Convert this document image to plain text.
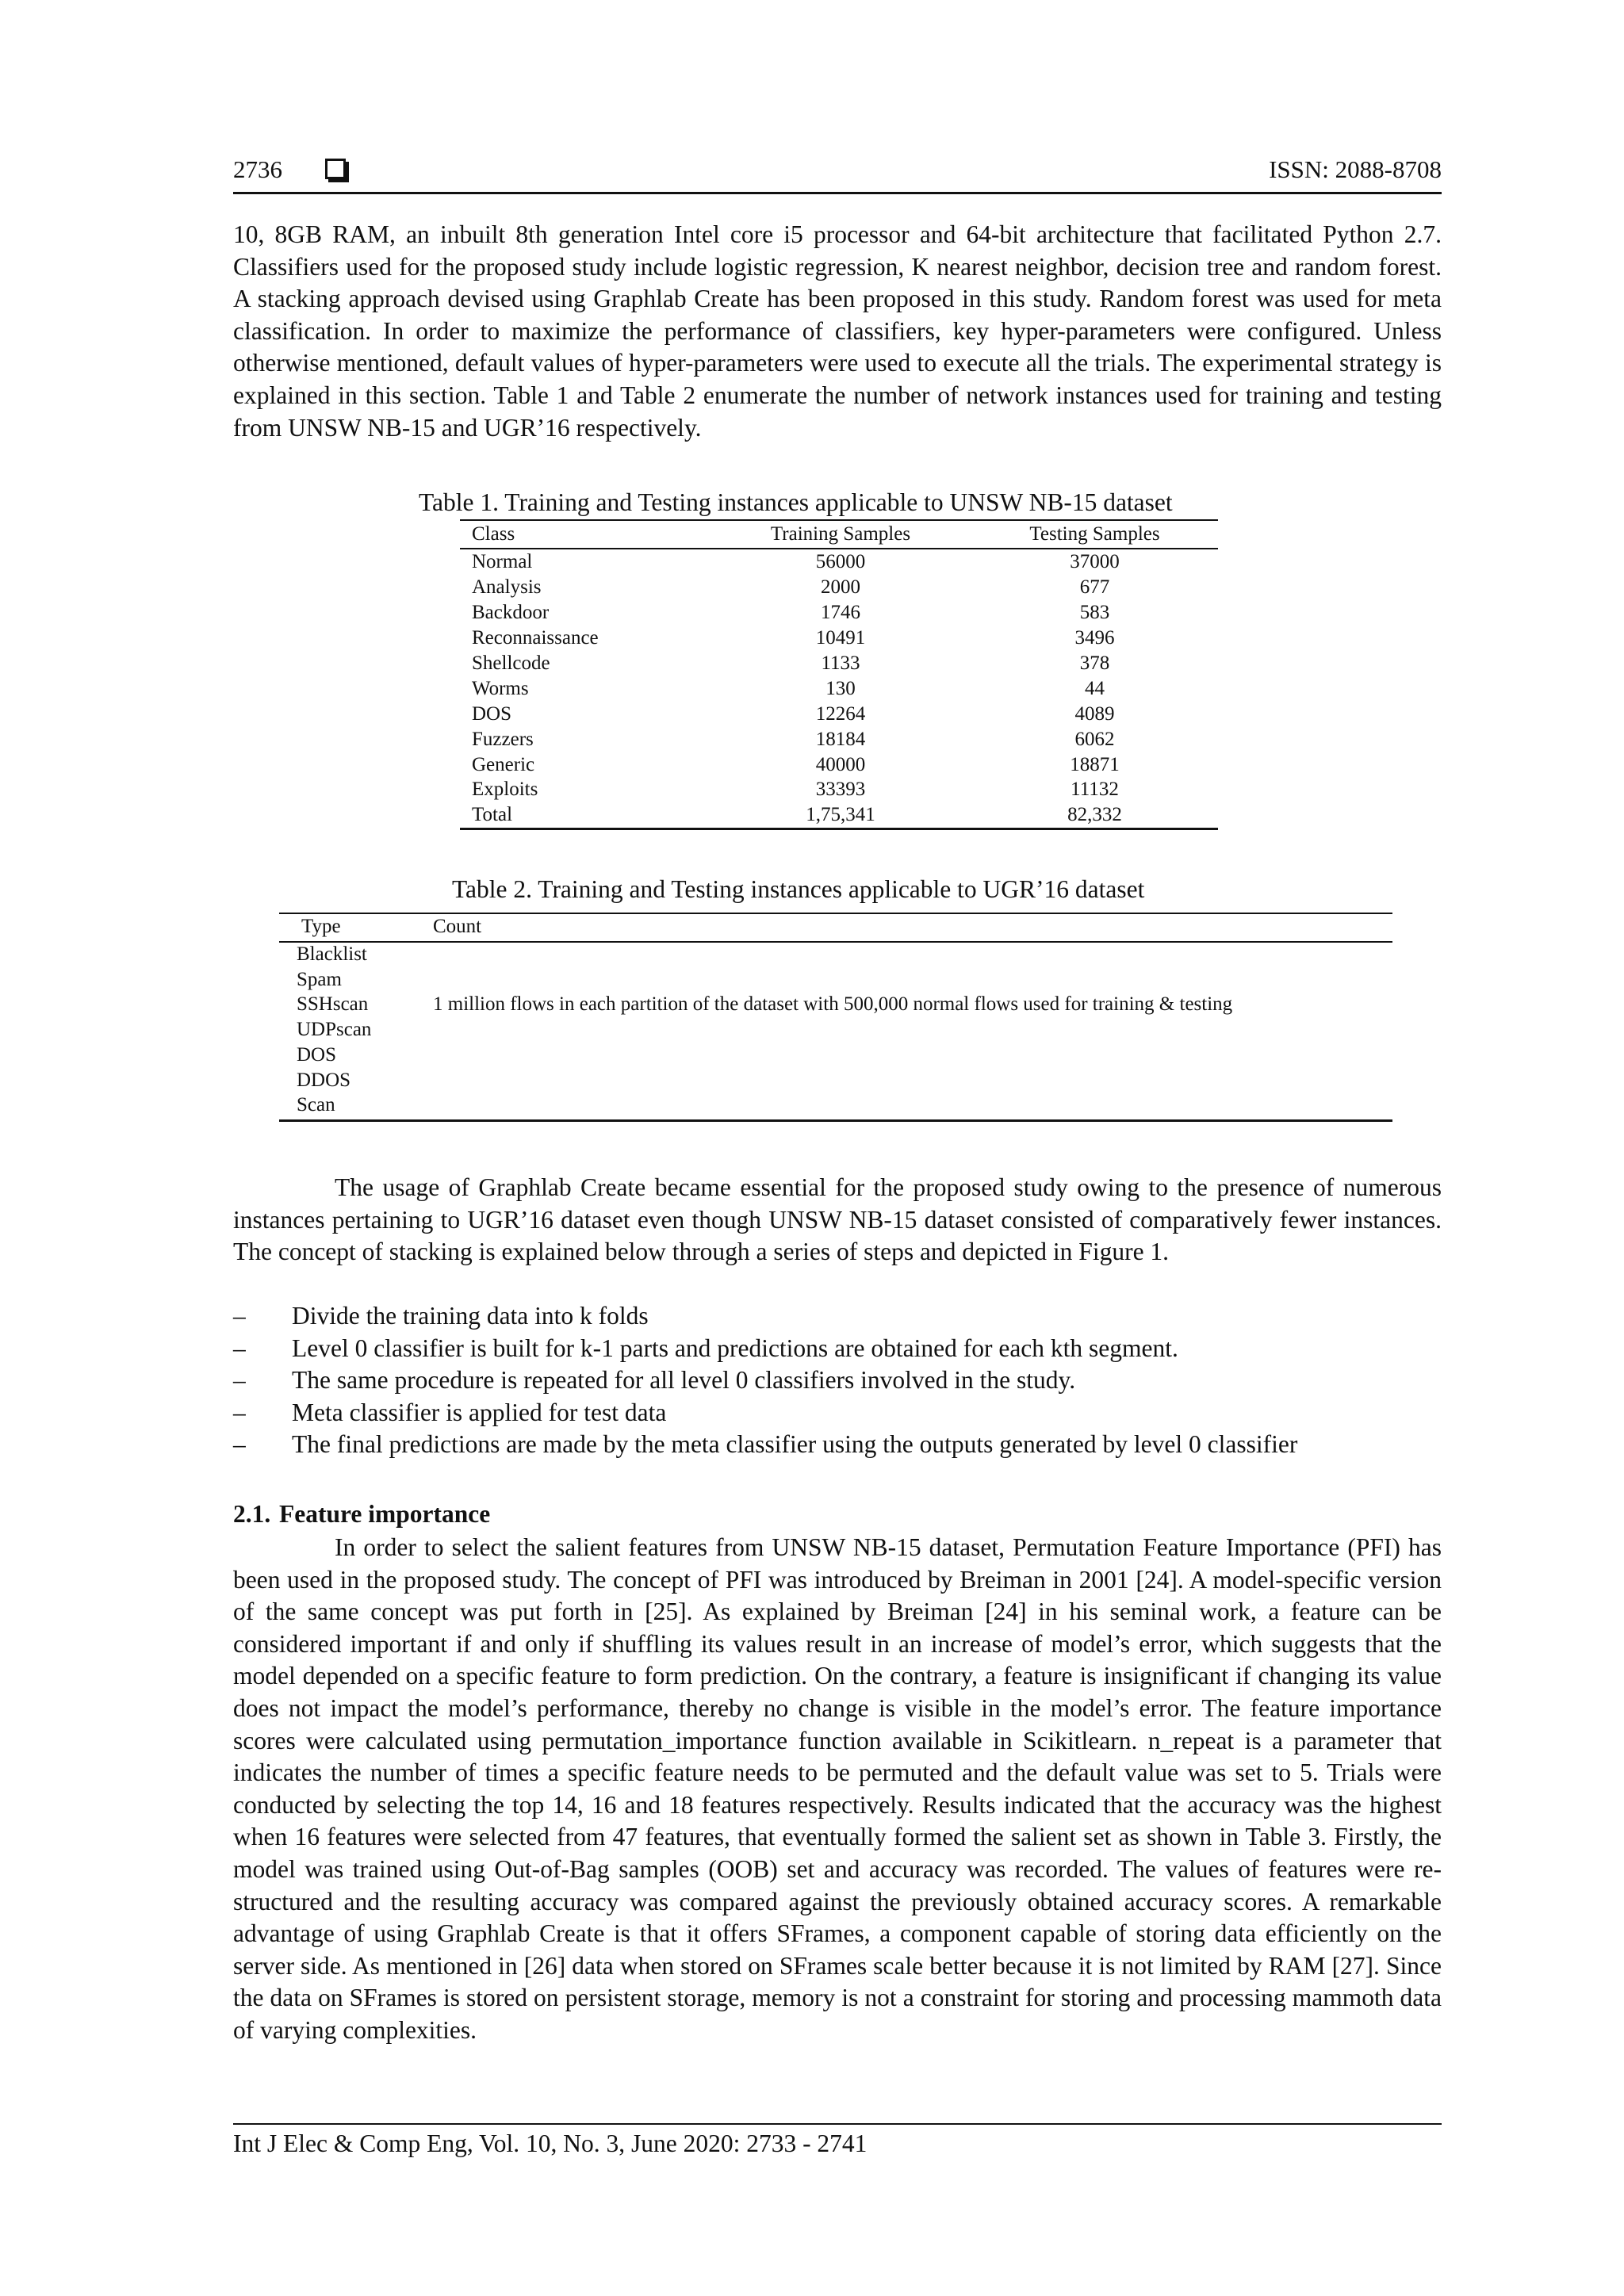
2736	ISSN: 2088-8708

10, 8GB RAM, an inbuilt 8th generation Intel core i5 processor and 64-bit architecture that facilitated Python 2.7. Classifiers used for the proposed study include logistic regression, K nearest neighbor, decision tree and random forest. A stacking approach devised using Graphlab Create has been proposed in this study. Random forest was used for meta classification. In order to maximize the performance of classifiers, key hyper-parameters were configured. Unless otherwise mentioned, default values of hyper-parameters were used to execute all the trials. The experimental strategy is explained in this section. Table 1 and Table 2 enumerate the number of network instances used for training and testing from UNSW NB-15 and UGR’16 respectively.

Table 1. Training and Testing instances applicable to UNSW NB-15 dataset
Class	Training Samples	Testing Samples
Normal	56000	37000
Analysis	2000	677
Backdoor	1746	583
Reconnaissance	10491	3496
Shellcode	1133	378
Worms	130	44
DOS	12264	4089
Fuzzers	18184	6062
Generic	40000	18871
Exploits	33393	11132
Total	1,75,341	82,332
Table 2. Training and Testing instances applicable to UGR’16 dataset
Type	Count
Blacklist
Spam
SSHscan
UDPscan
DOS
DDOS
Scan
1 million flows in each partition of the dataset with 500,000 normal flows used for training & testing

The usage of Graphlab Create became essential for the proposed study owing to the presence of numerous instances pertaining to UGR’16 dataset even though UNSW NB-15 dataset consisted of comparatively fewer instances. The concept of stacking is explained below through a series of steps and depicted in Figure 1.

– Divide the training data into k folds
– Level 0 classifier is built for k-1 parts and predictions are obtained for each kth segment.
– The same procedure is repeated for all level 0 classifiers involved in the study.
– Meta classifier is applied for test data
– The final predictions are made by the meta classifier using the outputs generated by level 0 classifier
2.1. Feature importance

In order to select the salient features from UNSW NB-15 dataset, Permutation Feature Importance (PFI) has been used in the proposed study. The concept of PFI was introduced by Breiman in 2001 [24]. A model-specific version of the same concept was put forth in [25]. As explained by Breiman [24] in his seminal work, a feature can be considered important if and only if shuffling its values result in an increase of model’s error, which suggests that the model depended on a specific feature to form prediction. On the contrary, a feature is insignificant if changing its value does not impact the model’s performance, thereby no change is visible in the model’s error. The feature importance scores were calculated using permutation_importance function available in Scikitlearn. n_repeat is a parameter that indicates the number of times a specific feature needs to be permuted and the default value was set to 5. Trials were conducted by selecting the top 14, 16 and 18 features respectively. Results indicated that the accuracy was the highest when 16 features were selected from 47 features, that eventually formed the salient set as shown in Table 3. Firstly, the model was trained using Out-of-Bag samples (OOB) set and accuracy was recorded. The values of features were re-structured and the resulting accuracy was compared against the previously obtained accuracy scores. A remarkable advantage of using Graphlab Create is that it offers SFrames, a component capable of storing data efficiently on the server side. As mentioned in [26] data when stored on SFrames scale better because it is not limited by RAM [27]. Since the data on SFrames is stored on persistent storage, memory is not a constraint for storing and processing mammoth data of varying complexities.

Int J Elec & Comp Eng, Vol. 10, No. 3, June 2020: 2733 - 2741
